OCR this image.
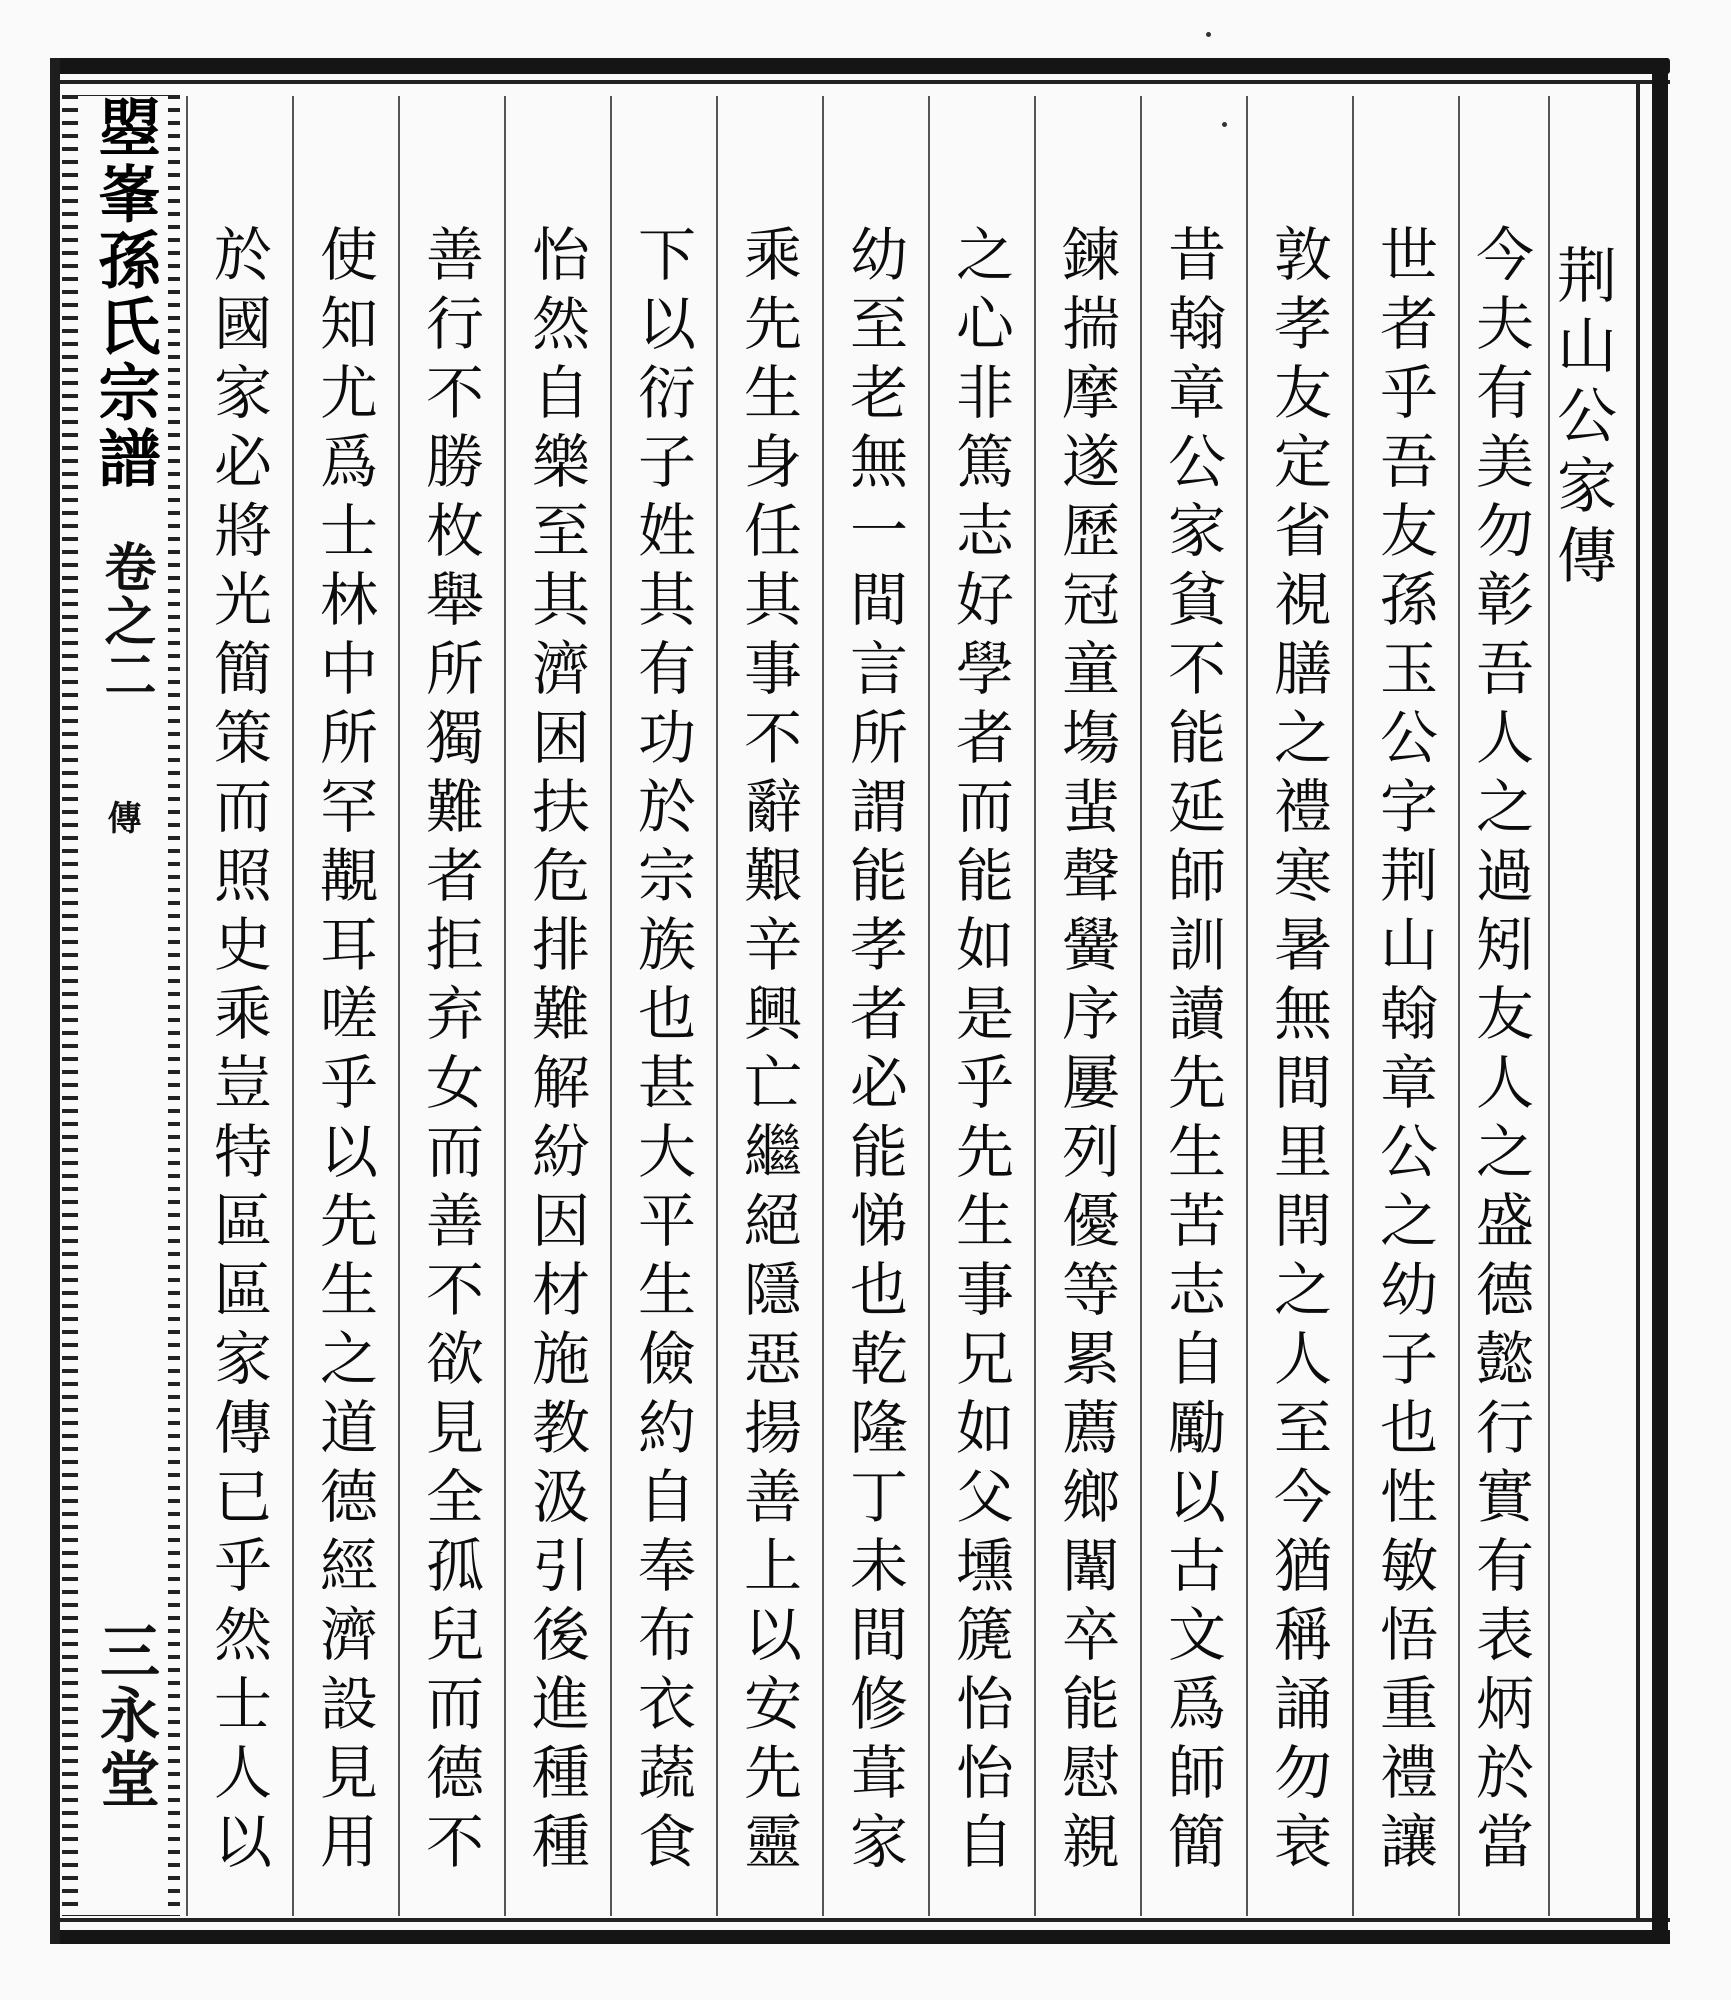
曌峯孫氏宗譜
卷之二
傳
三永堂
荆山公家傳
今夫有美勿彰吾人之過矧友人之盛德懿行實有表炳於當
世者乎吾友孫玉公字荆山翰章公之幼子也性敏悟重禮讓
敦孝友定省視膳之禮寒暑無間里閈之人至今猶稱誦勿衰
昔翰章公家貧不能延師訓讀先生苦志自勵以古文爲師簡
鍊揣摩遂歷冠童塲蜚聲黌序屢列優等累薦鄉闈卒能慰親
之心非篤志好學者而能如是乎先生事兄如父壎篪怡怡自
幼至老無一間言所謂能孝者必能悌也乾隆丁未間修葺家
乘先生身任其事不辭艱辛興亡繼絕隱惡揚善上以安先靈
下以衍子姓其有功於宗族也甚大平生儉約自奉布衣蔬食
怡然自樂至其濟困扶危排難解紛因材施教汲引後進種種
善行不勝枚舉所獨難者拒弃女而善不欲見全孤兒而德不
使知尤爲士林中所罕覯耳嗟乎以先生之道德經濟設見用
於國家必將光簡策而照史乘豈特區區家傳已乎然士人以
